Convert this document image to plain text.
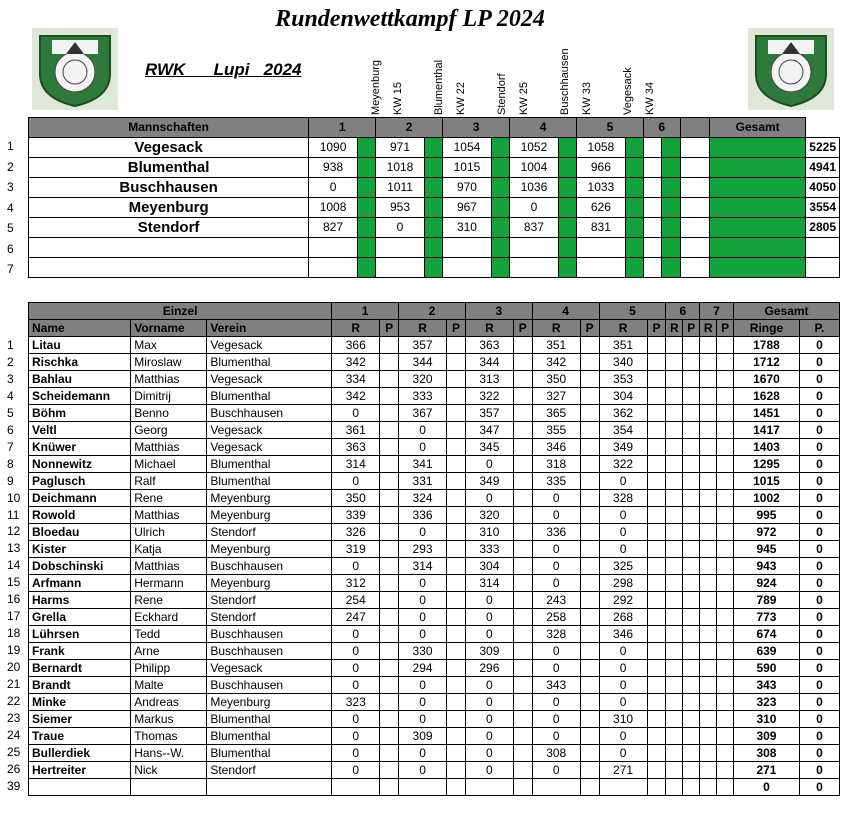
Rundenwettkampf LP 2024
RWK      Lupi   2024	Meyenburg KW 15	Blumenthal KW 22	Stendorf KW 25	Buschhausen KW 33	Vegesack KW 34
Mannschaften	1		2		3		4		5		6			Gesamt	
Vegesack	1090		971		1054		1052		1058						5225
Blumenthal	938		1018		1015		1004		966						4941
Buschhausen	0		1011		970		1036		1033						4050
Meyenburg	1008		953		967		0		626						3554
Stendorf	827		0		310		837		831						2805

Einzel			1		2		3		4		5		6		7		Gesamt	
Name	Vorname	Verein	R	P	R	P	R	P	R	P	R	P	R	P	R	P	Ringe	P.
Litau	Max	Vegesack	366		357		363		351		351						1788	0
Rischka	Miroslaw	Blumenthal	342		344		344		342		340						1712	0
Bahlau	Matthias	Vegesack	334		320		313		350		353						1670	0
Scheidemann	Dimitrij	Blumenthal	342		333		322		327		304						1628	0
Böhm	Benno	Buschhausen	0		367		357		365		362						1451	0
Veltl	Georg	Vegesack	361		0		347		355		354						1417	0
Knüwer	Matthias	Vegesack	363		0		345		346		349						1403	0
Nonnewitz	Michael	Blumenthal	314		341		0		318		322						1295	0
Paglusch	Ralf	Blumenthal	0		331		349		335		0						1015	0
Deichmann	Rene	Meyenburg	350		324		0		0		328						1002	0
Rowold	Matthias	Meyenburg	339		336		320		0		0						995	0
Bloedau	Ulrich	Stendorf	326		0		310		336		0						972	0
Kister	Katja	Meyenburg	319		293		333		0		0						945	0
Dobschinski	Matthias	Buschhausen	0		314		304		0		325						943	0
Arfmann	Hermann	Meyenburg	312		0		314		0		298						924	0
Harms	Rene	Stendorf	254		0		0		243		292						789	0
Grella	Eckhard	Stendorf	247		0		0		258		268						773	0
Lührsen	Tedd	Buschhausen	0		0		0		328		346						674	0
Frank	Arne	Buschhausen	0		330		309		0		0						639	0
Bernardt	Philipp	Vegesack	0		294		296		0		0						590	0
Brandt	Malte	Buschhausen	0		0		0		343		0						343	0
Minke	Andreas	Meyenburg	323		0		0		0		0						323	0
Siemer	Markus	Blumenthal	0		0		0		0		310						310	0
Traue	Thomas	Blumenthal	0		309		0		0		0						309	0
Bullerdiek	Hans--W.	Blumenthal	0		0		0		308		0						308	0
Hertreiter	Nick	Stendorf	0		0		0		0		271						271	0
																	0	0
1
2
3
4
5
6
7
1
2
3
4
5
6
7
8
9
10
11
12
13
14
15
16
17
18
19
20
21
22
23
24
25
26
39
